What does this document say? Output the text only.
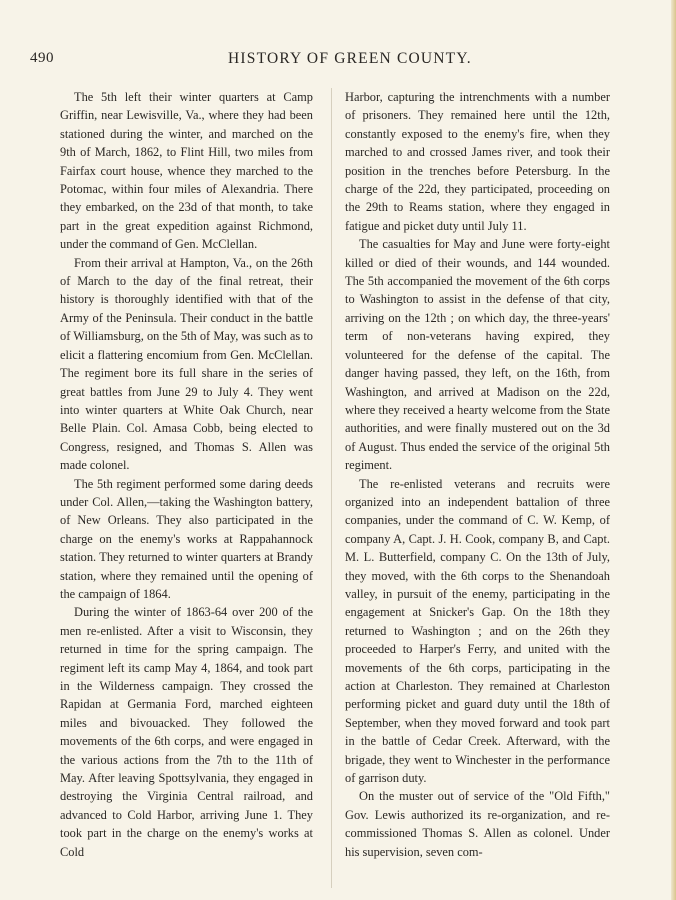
490	HISTORY OF GREEN COUNTY.

The 5th left their winter quarters at Camp Griffin, near Lewisville, Va., where they had been stationed during the winter, and marched on the 9th of March, 1862, to Flint Hill, two miles from Fairfax court house, whence they marched to the Potomac, within four miles of Alexandria. There they embarked, on the 23d of that month, to take part in the great expedition against Richmond, under the command of Gen. McClellan.

From their arrival at Hampton, Va., on the 26th of March to the day of the final retreat, their history is thoroughly identified with that of the Army of the Peninsula. Their conduct in the battle of Williamsburg, on the 5th of May, was such as to elicit a flattering encomium from Gen. McClellan. The regiment bore its full share in the series of great battles from June 29 to July 4. They went into winter quarters at White Oak Church, near Belle Plain. Col. Amasa Cobb, being elected to Congress, resigned, and Thomas S. Allen was made colonel.

The 5th regiment performed some daring deeds under Col. Allen,—taking the Washington battery, of New Orleans. They also participated in the charge on the enemy's works at Rappahannock station. They returned to winter quarters at Brandy station, where they remained until the opening of the campaign of 1864.

During the winter of 1863-64 over 200 of the men re-enlisted. After a visit to Wisconsin, they returned in time for the spring campaign. The regiment left its camp May 4, 1864, and took part in the Wilderness campaign. They crossed the Rapidan at Germania Ford, marched eighteen miles and bivouacked. They followed the movements of the 6th corps, and were engaged in the various actions from the 7th to the 11th of May. After leaving Spottsylvania, they engaged in destroying the Virginia Central railroad, and advanced to Cold Harbor, arriving June 1. They took part in the charge on the enemy's works at Cold

Harbor, capturing the intrenchments with a number of prisoners. They remained here until the 12th, constantly exposed to the enemy's fire, when they marched to and crossed James river, and took their position in the trenches before Petersburg. In the charge of the 22d, they participated, proceeding on the 29th to Reams station, where they engaged in fatigue and picket duty until July 11.

The casualties for May and June were forty-eight killed or died of their wounds, and 144 wounded. The 5th accompanied the movement of the 6th corps to Washington to assist in the defense of that city, arriving on the 12th ; on which day, the three-years' term of non-veterans having expired, they volunteered for the defense of the capital. The danger having passed, they left, on the 16th, from Washington, and arrived at Madison on the 22d, where they received a hearty welcome from the State authorities, and were finally mustered out on the 3d of August. Thus ended the service of the original 5th regiment.

The re-enlisted veterans and recruits were organized into an independent battalion of three companies, under the command of C. W. Kemp, of company A, Capt. J. H. Cook, company B, and Capt. M. L. Butterfield, company C. On the 13th of July, they moved, with the 6th corps to the Shenandoah valley, in pursuit of the enemy, participating in the engagement at Snicker's Gap. On the 18th they returned to Washington ; and on the 26th they proceeded to Harper's Ferry, and united with the movements of the 6th corps, participating in the action at Charleston. They remained at Charleston performing picket and guard duty until the 18th of September, when they moved forward and took part in the battle of Cedar Creek. Afterward, with the brigade, they went to Winchester in the performance of garrison duty.

On the muster out of service of the "Old Fifth," Gov. Lewis authorized its re-organization, and re-commissioned Thomas S. Allen as colonel. Under his supervision, seven com-
